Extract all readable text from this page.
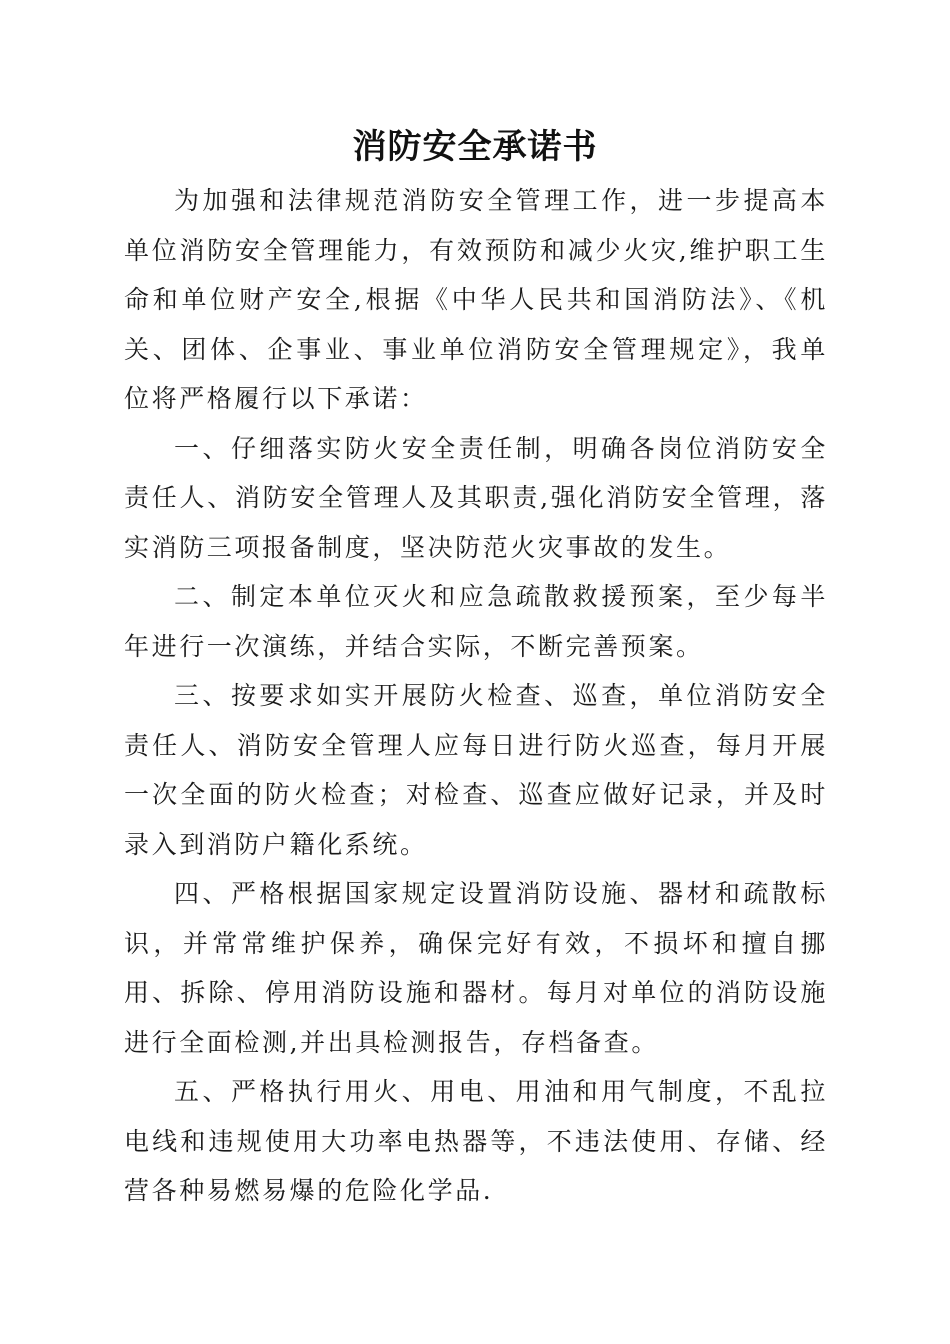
消防安全承诺书

为加强和法律规范消防安全管理工作，进一步提高本单位消防安全管理能力，有效预防和减少火灾,维护职工生命和单位财产安全,根据《中华人民共和国消防法》、《机关、团体、企事业、事业单位消防安全管理规定》，我单位将严格履行以下承诺：

一、仔细落实防火安全责任制，明确各岗位消防安全责任人、消防安全管理人及其职责,强化消防安全管理，落实消防三项报备制度，坚决防范火灾事故的发生。

二、制定本单位灭火和应急疏散救援预案，至少每半年进行一次演练，并结合实际，不断完善预案。

三、按要求如实开展防火检查、巡查，单位消防安全责任人、消防安全管理人应每日进行防火巡查，每月开展一次全面的防火检查；对检查、巡查应做好记录，并及时录入到消防户籍化系统。

四、严格根据国家规定设置消防设施、器材和疏散标识，并常常维护保养，确保完好有效，不损坏和擅自挪用、拆除、停用消防设施和器材。每月对单位的消防设施进行全面检测,并出具检测报告，存档备查。

五、严格执行用火、用电、用油和用气制度，不乱拉电线和违规使用大功率电热器等，不违法使用、存储、经营各种易燃易爆的危险化学品.
